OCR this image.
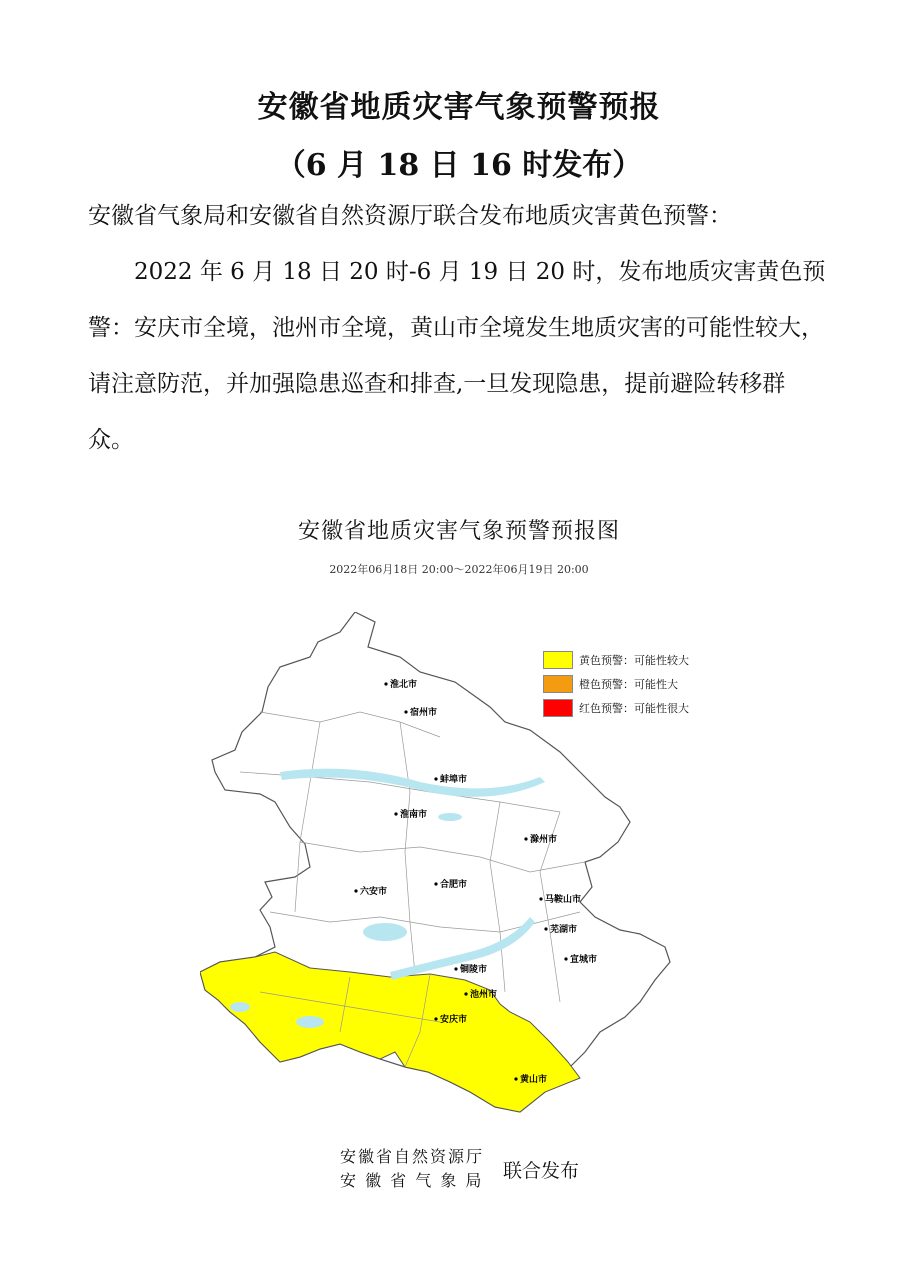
安徽省地质灾害气象预警预报
（6 月 18 日 16 时发布）

安徽省气象局和安徽省自然资源厅联合发布地质灾害黄色预警：

2022 年 6 月 18 日 20 时-6 月 19 日 20 时，发布地质灾害黄色预警：安庆市全境，池州市全境，黄山市全境发生地质灾害的可能性较大，请注意防范，并加强隐患巡查和排查,一旦发现隐患，提前避险转移群众。

安徽省地质灾害气象预警预报图
2022年06月18日 20:00～2022年06月19日 20:00
淮北市
宿州市
蚌埠市
淮南市
滁州市
六安市
合肥市
马鞍山市
芜湖市
宣城市
铜陵市
池州市
安庆市
黄山市
黄色预警：可能性较大
橙色预警：可能性大
红色预警：可能性很大
安徽省自然资源厅
安 徽 省 气 象 局 联合发布
